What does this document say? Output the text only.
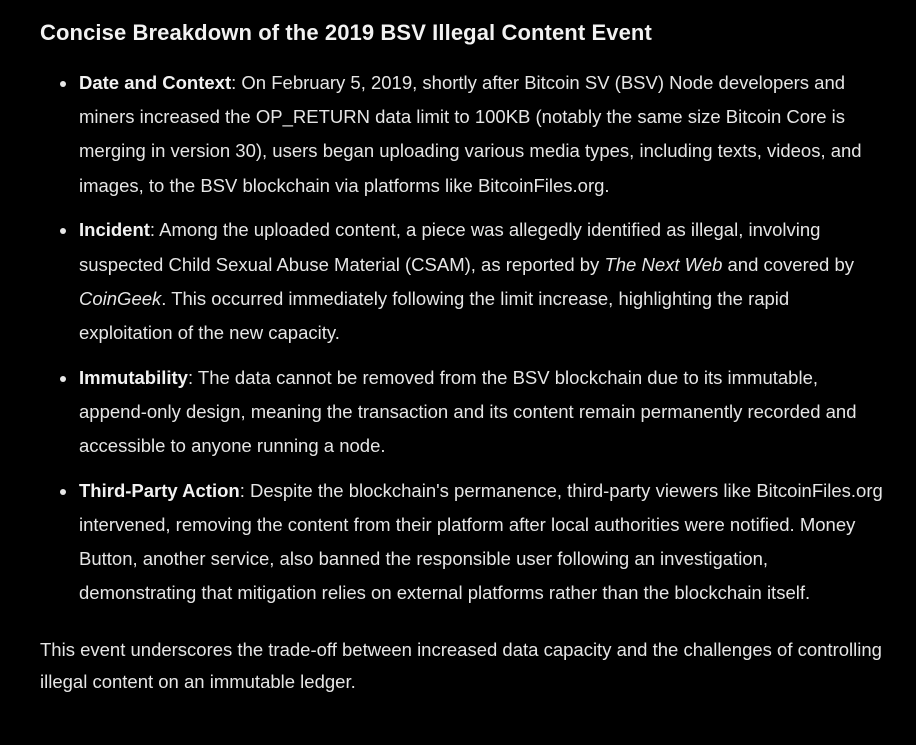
Concise Breakdown of the 2019 BSV Illegal Content Event
Date and Context: On February 5, 2019, shortly after Bitcoin SV (BSV) Node developers and miners increased the OP_RETURN data limit to 100KB (notably the same size Bitcoin Core is merging in version 30), users began uploading various media types, including texts, videos, and images, to the BSV blockchain via platforms like BitcoinFiles.org.
Incident: Among the uploaded content, a piece was allegedly identified as illegal, involving suspected Child Sexual Abuse Material (CSAM), as reported by The Next Web and covered by CoinGeek. This occurred immediately following the limit increase, highlighting the rapid exploitation of the new capacity.
Immutability: The data cannot be removed from the BSV blockchain due to its immutable, append-only design, meaning the transaction and its content remain permanently recorded and accessible to anyone running a node.
Third-Party Action: Despite the blockchain's permanence, third-party viewers like BitcoinFiles.org intervened, removing the content from their platform after local authorities were notified. Money Button, another service, also banned the responsible user following an investigation, demonstrating that mitigation relies on external platforms rather than the blockchain itself.

This event underscores the trade-off between increased data capacity and the challenges of controlling illegal content on an immutable ledger.
